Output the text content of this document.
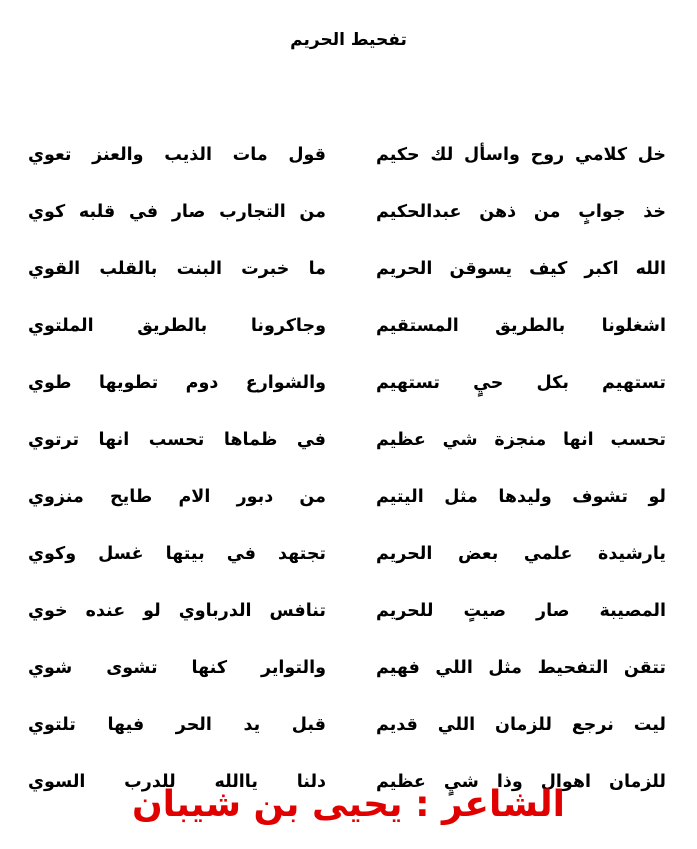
تفحيط الحريم
خل كلامي روح واسأل لك حكيم
قول مات الذيب والعنز تعوي
خذ جوابٍ من ذهن عبدالحكيم
من التجارب صار في قلبه كوي
الله اكبر كيف يسوقن الحريم
ما خبرت البنت بالقلب القوي
اشغلونا بالطريق المستقيم
وجاكرونا بالطريق الملتوي
تستهيم بكل حيٍ تستهيم
والشوارع دوم تطويها طوي
تحسب انها منجزة شي عظيم
في ظماها تحسب انها ترتوي
لو تشوف وليدها مثل اليتيم
من دبور الام طايح منزوي
يارشيدة علمي بعض الحريم
تجتهد في بيتها غسل وكوي
المصيبة صار صيتٍ للحريم
تنافس الدرباوي لو عنده خوي
تتقن التفحيط مثل اللي فهيم
والتواير كنها تشوى شوي
ليت نرجع للزمان اللي قديم
قبل يد الحر فيها تلتوي
للزمان اهوال وذا شيٍ عظيم
دلنا ياالله للدرب السوي
الشاعر : يحيى بن شيبان
